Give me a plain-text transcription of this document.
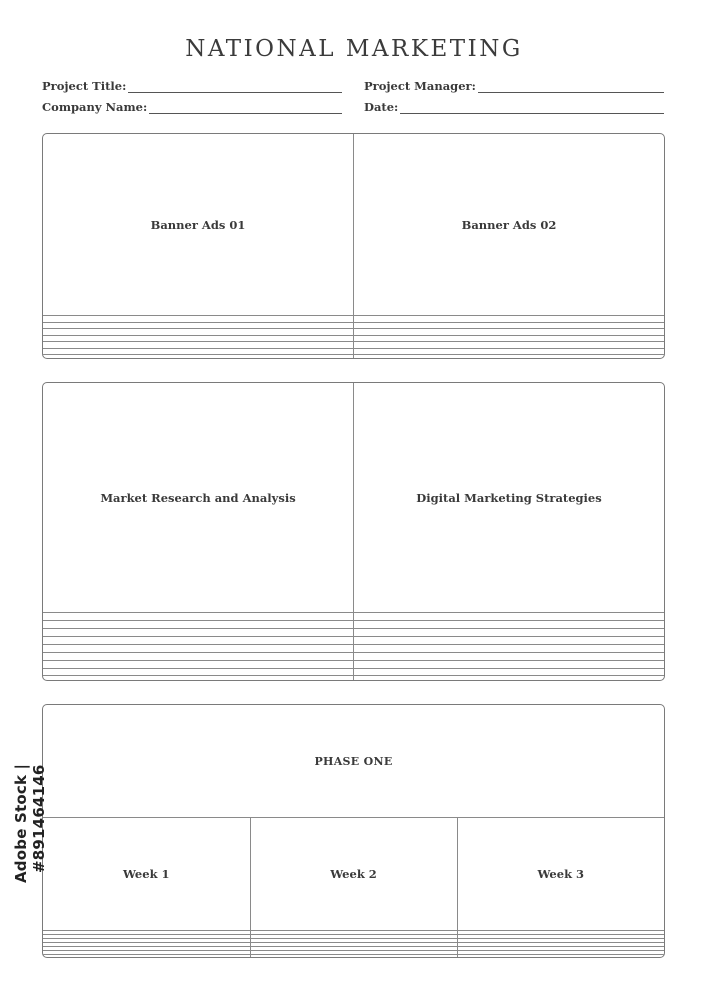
NATIONAL MARKETING
Project Title:	Project Manager:
Company Name:	Date:
Banner Ads 01	Banner Ads 02

Market Research and Analysis	Digital Marketing Strategies

PHASE ONE		
Week 1	Week 2	Week 3

Adobe Stock | #891464146
